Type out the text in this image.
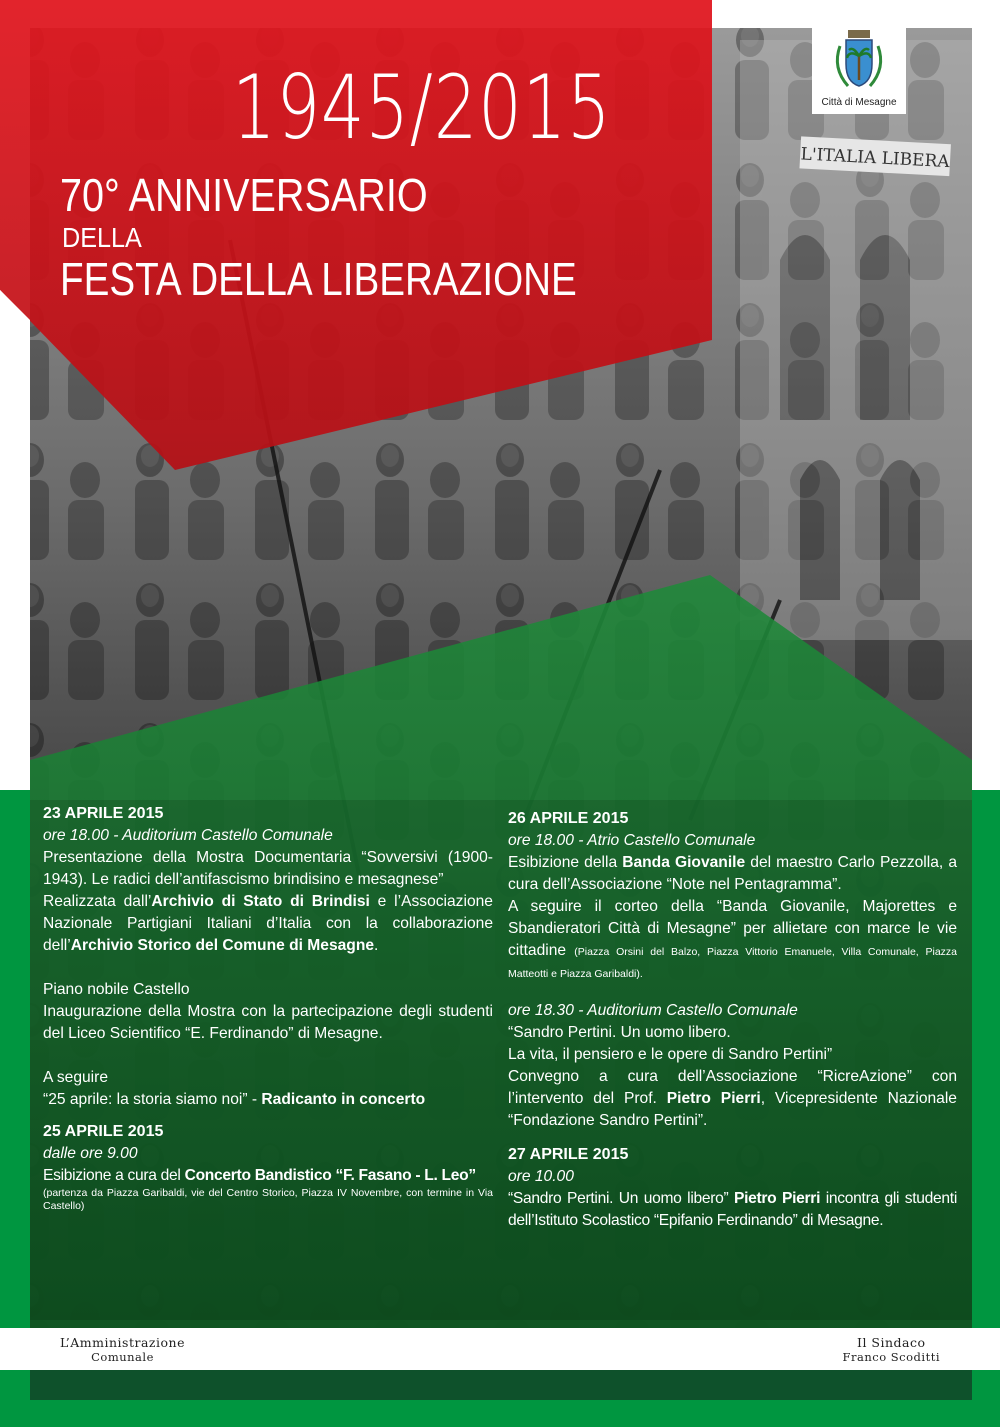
L'ITALIA LIBERA
1945/2015
70° ANNIVERSARIO
DELLA
FESTA DELLA LIBERAZIONE
Città di Mesagne

23 APRILE 2015

ore 18.00 - Auditorium Castello Comunale

Presentazione della Mostra Documentaria “Sovversivi (1900-1943). Le radici dell’antifascismo brindisino e mesagnese”

Realizzata dall’Archivio di Stato di Brindisi e l’Associazione Nazionale Partigiani Italiani d’Italia con la collaborazione dell’Archivio Storico del Comune di Mesagne.

Piano nobile Castello

Inaugurazione della Mostra con la partecipazione degli studenti del Liceo Scientifico “E. Ferdinando” di Mesagne.

A seguire

“25 aprile: la storia siamo noi” - Radicanto in concerto

25 APRILE 2015

dalle ore 9.00

Esibizione a cura del Concerto Bandistico “F. Fasano - L. Leo”

(partenza da Piazza Garibaldi, vie del Centro Storico, Piazza IV Novembre, con termine in Via Castello)

26 APRILE 2015

ore 18.00 - Atrio Castello Comunale

Esibizione della Banda Giovanile del maestro Carlo Pezzolla, a cura dell’Associazione “Note nel Pentagramma”.

A seguire il corteo della “Banda Giovanile, Majorettes e Sbandieratori Città di Mesagne” per allietare con marce le vie cittadine (Piazza Orsini del Balzo, Piazza Vittorio Emanuele, Villa Comunale, Piazza Matteotti e Piazza Garibaldi).

ore 18.30 - Auditorium Castello Comunale

“Sandro Pertini. Un uomo libero.

La vita, il pensiero e le opere di Sandro Pertini”

Convegno a cura dell’Associazione “RicreAzione” con l’intervento del Prof. Pietro Pierri, Vicepresidente Nazionale “Fondazione Sandro Pertini”.

27 APRILE 2015

ore 10.00

“Sandro Pertini. Un uomo libero” Pietro Pierri incontra gli studenti dell’Istituto Scolastico “Epifanio Ferdinando” di Mesagne.

L’Amministrazione
Comunale
Il Sindaco
Franco Scoditti
